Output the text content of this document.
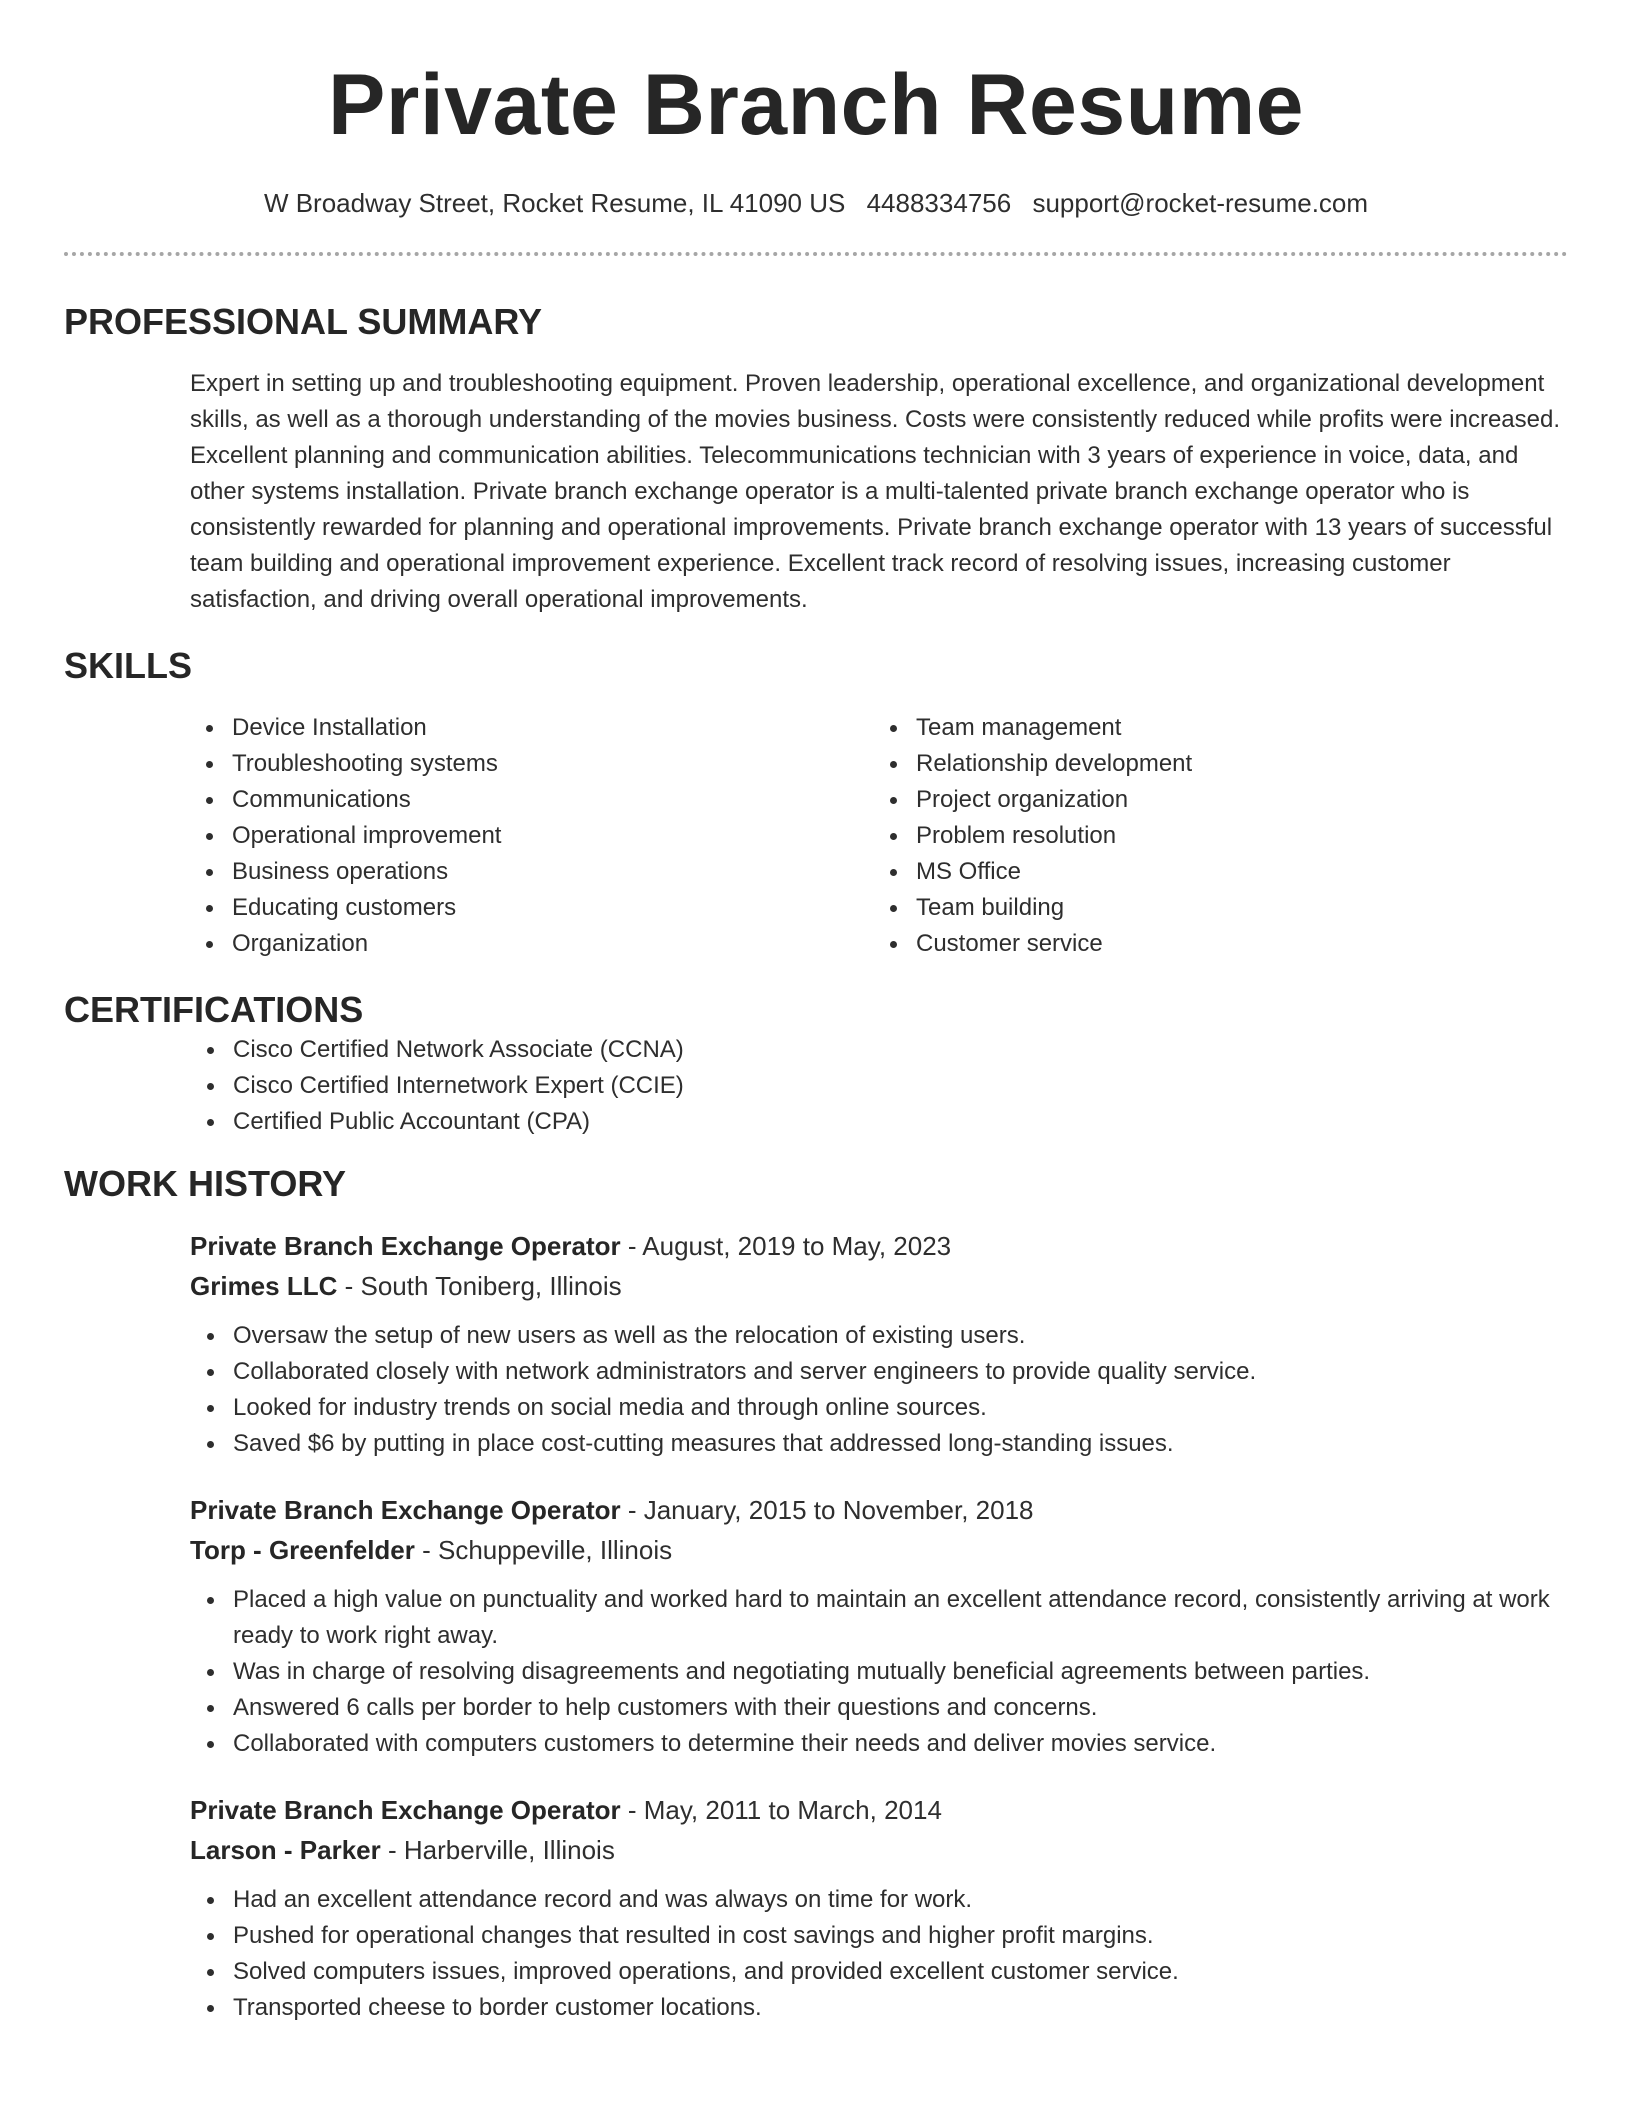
Private Branch Resume
W Broadway Street, Rocket Resume, IL 41090 US 4488334756 support@rocket-resume.com
PROFESSIONAL SUMMARY
Expert in setting up and troubleshooting equipment. Proven leadership, operational excellence, and organizational development skills, as well as a thorough understanding of the movies business. Costs were consistently reduced while profits were increased. Excellent planning and communication abilities. Telecommunications technician with 3 years of experience in voice, data, and other systems installation. Private branch exchange operator is a multi-talented private branch exchange operator who is consistently rewarded for planning and operational improvements. Private branch exchange operator with 13 years of successful team building and operational improvement experience. Excellent track record of resolving issues, increasing customer satisfaction, and driving overall operational improvements.
SKILLS
Device Installation
Troubleshooting systems
Communications
Operational improvement
Business operations
Educating customers
Organization
Team management
Relationship development
Project organization
Problem resolution
MS Office
Team building
Customer service
CERTIFICATIONS
Cisco Certified Network Associate (CCNA)
Cisco Certified Internetwork Expert (CCIE)
Certified Public Accountant (CPA)
WORK HISTORY
Private Branch Exchange Operator - August, 2019 to May, 2023
Grimes LLC - South Toniberg, Illinois
Oversaw the setup of new users as well as the relocation of existing users.
Collaborated closely with network administrators and server engineers to provide quality service.
Looked for industry trends on social media and through online sources.
Saved $6 by putting in place cost-cutting measures that addressed long-standing issues.
Private Branch Exchange Operator - January, 2015 to November, 2018
Torp - Greenfelder - Schuppeville, Illinois
Placed a high value on punctuality and worked hard to maintain an excellent attendance record, consistently arriving at work ready to work right away.
Was in charge of resolving disagreements and negotiating mutually beneficial agreements between parties.
Answered 6 calls per border to help customers with their questions and concerns.
Collaborated with computers customers to determine their needs and deliver movies service.
Private Branch Exchange Operator - May, 2011 to March, 2014
Larson - Parker - Harberville, Illinois
Had an excellent attendance record and was always on time for work.
Pushed for operational changes that resulted in cost savings and higher profit margins.
Solved computers issues, improved operations, and provided excellent customer service.
Transported cheese to border customer locations.
